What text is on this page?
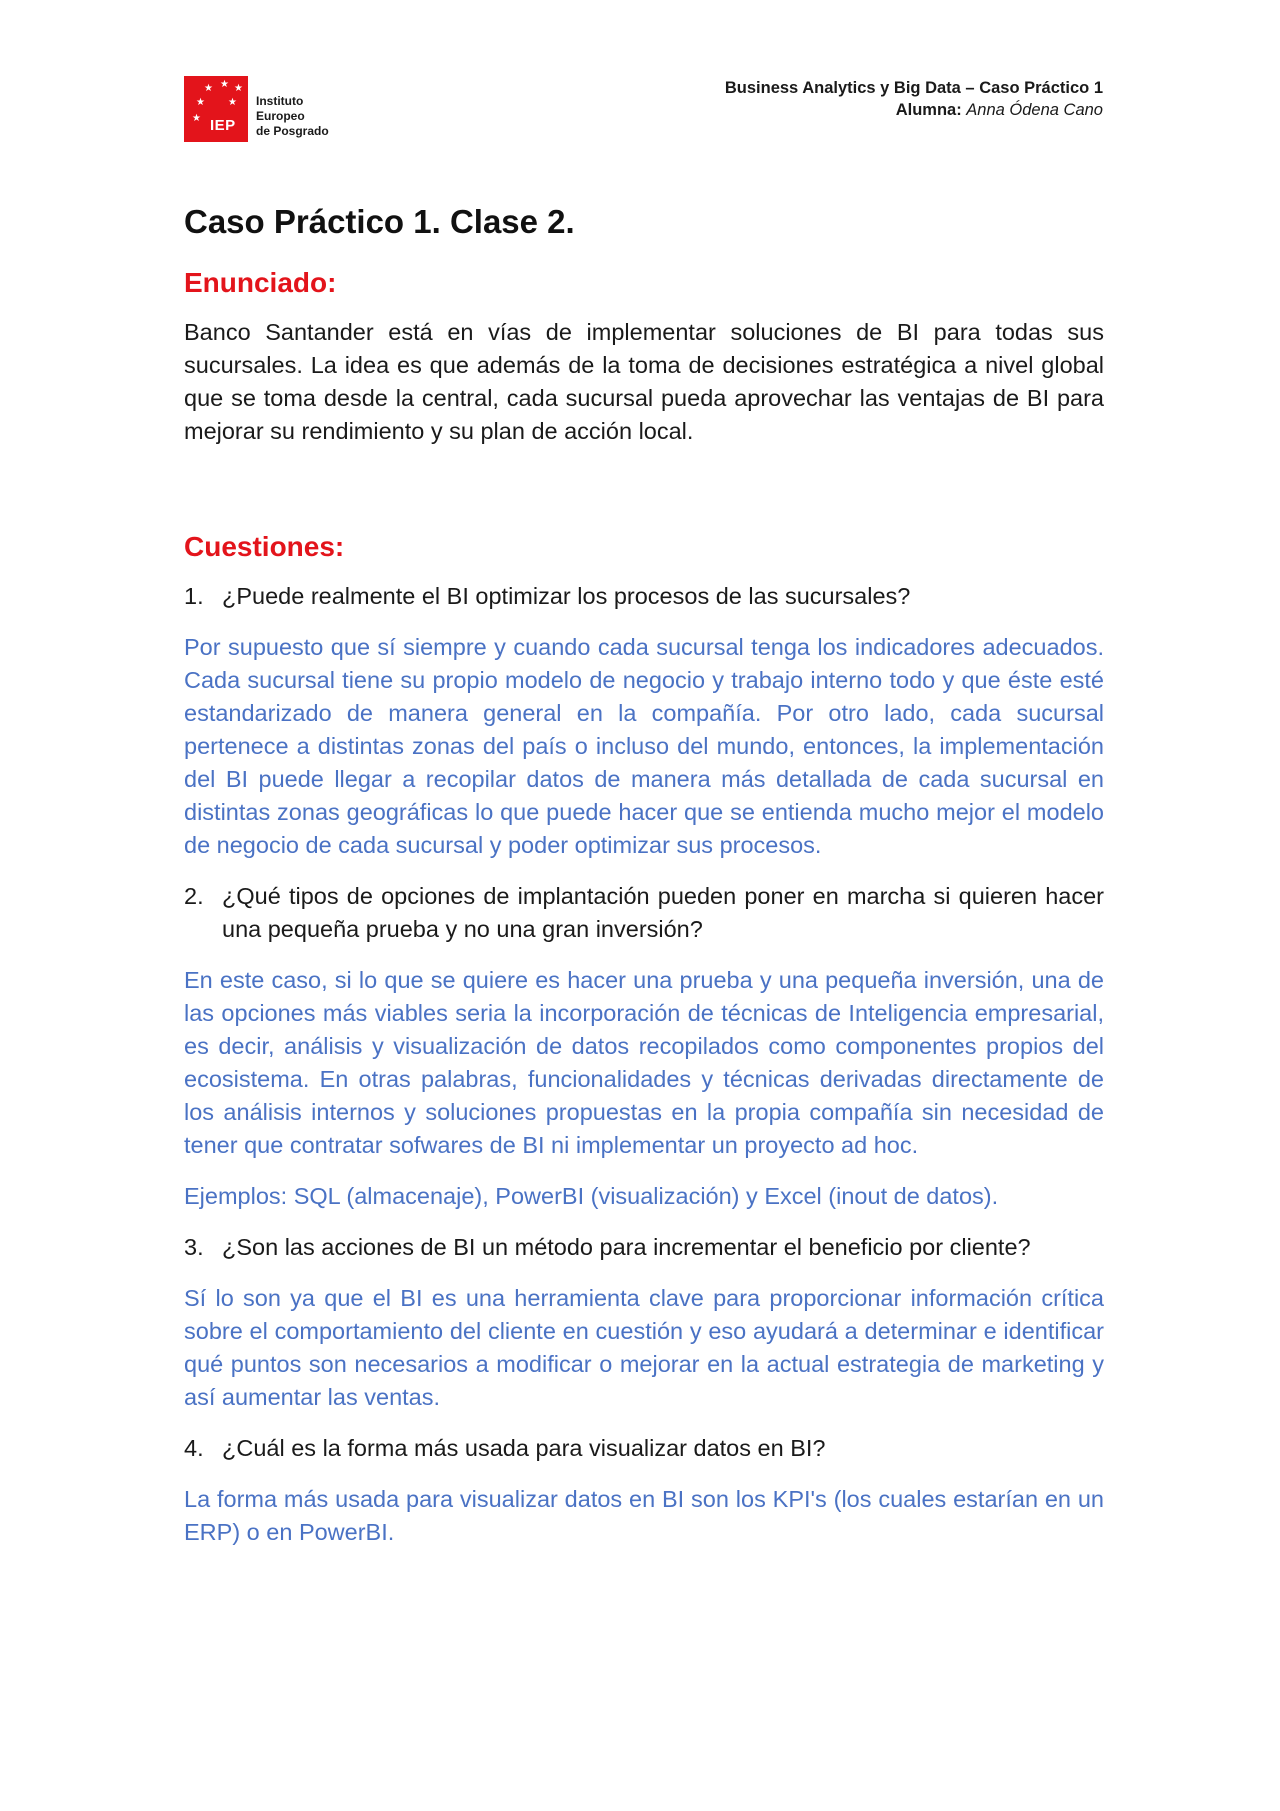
★ ★ ★
★
★
★
IEP
Instituto
Europeo
de Posgrado
Business Analytics y Big Data – Caso Práctico 1
Alumna: Anna Ódena Cano
Caso Práctico 1. Clase 2.
Enunciado:

Banco Santander está en vías de implementar soluciones de BI para todas sus sucursales. La idea es que además de la toma de decisiones estratégica a nivel global que se toma desde la central, cada sucursal pueda aprovechar las ventajas de BI para mejorar su rendimiento y su plan de acción local.

Cuestiones:
1. ¿Puede realmente el BI optimizar los procesos de las sucursales?

Por supuesto que sí siempre y cuando cada sucursal tenga los indicadores adecuados. Cada sucursal tiene su propio modelo de negocio y trabajo interno todo y que éste esté estandarizado de manera general en la compañía. Por otro lado, cada sucursal pertenece a distintas zonas del país o incluso del mundo, entonces, la implementación del BI puede llegar a recopilar datos de manera más detallada de cada sucursal en distintas zonas geográficas lo que puede hacer que se entienda mucho mejor el modelo de negocio de cada sucursal y poder optimizar sus procesos.

2. ¿Qué tipos de opciones de implantación pueden poner en marcha si quieren hacer una pequeña prueba y no una gran inversión?

En este caso, si lo que se quiere es hacer una prueba y una pequeña inversión, una de las opciones más viables seria la incorporación de técnicas de Inteligencia empresarial, es decir, análisis y visualización de datos recopilados como componentes propios del ecosistema. En otras palabras, funcionalidades y técnicas derivadas directamente de los análisis internos y soluciones propuestas en la propia compañía sin necesidad de tener que contratar sofwares de BI ni implementar un proyecto ad hoc.

Ejemplos: SQL (almacenaje), PowerBI (visualización) y Excel (inout de datos).

3. ¿Son las acciones de BI un método para incrementar el beneficio por cliente?

Sí lo son ya que el BI es una herramienta clave para proporcionar información crítica sobre el comportamiento del cliente en cuestión y eso ayudará a determinar e identificar qué puntos son necesarios a modificar o mejorar en la actual estrategia de marketing y así aumentar las ventas.

4. ¿Cuál es la forma más usada para visualizar datos en BI?

La forma más usada para visualizar datos en BI son los KPI's (los cuales estarían en un ERP) o en PowerBI.
